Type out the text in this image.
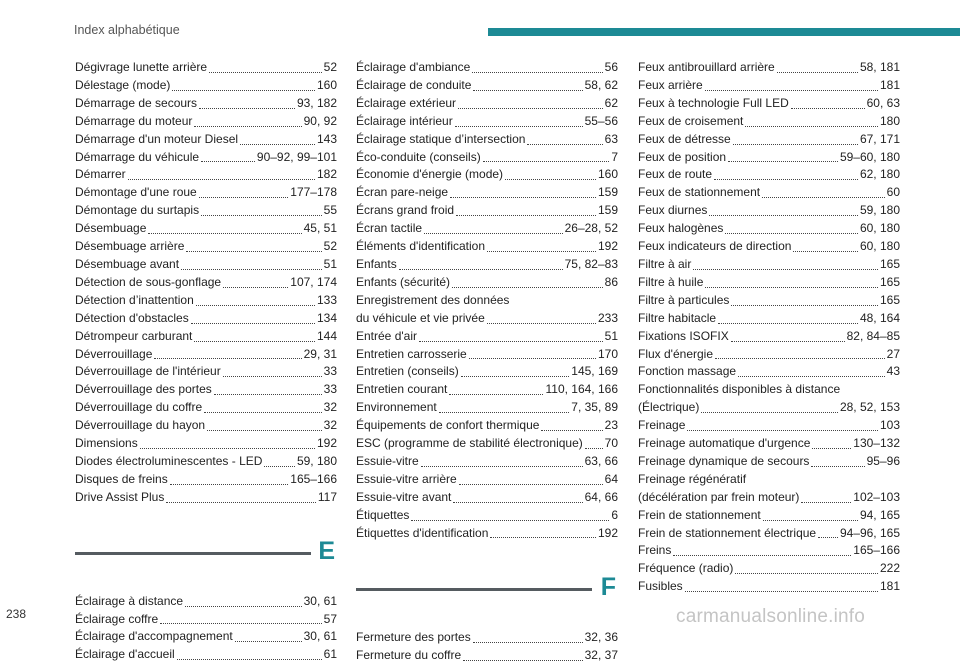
Index alphabétique
Dégivrage lunette arrière	52
Délestage (mode)	160
Démarrage de secours	93, 182
Démarrage du moteur	90, 92
Démarrage d'un moteur Diesel	143
Démarrage du véhicule	90–92, 99–101
Démarrer	182
Démontage d'une roue	177–178
Démontage du surtapis	55
Désembuage	45, 51
Désembuage arrière	52
Désembuage avant	51
Détection de sous-gonflage	107, 174
Détection d’inattention	133
Détection d'obstacles	134
Détrompeur carburant	144
Déverrouillage	29, 31
Déverrouillage de l'intérieur	33
Déverrouillage des portes	33
Déverrouillage du coffre	32
Déverrouillage du hayon	32
Dimensions	192
Diodes électroluminescentes - LED	59, 180
Disques de freins	165–166
Drive Assist Plus	117
E
Éclairage à distance	30, 61
Éclairage coffre	57
Éclairage d'accompagnement	30, 61
Éclairage d'accueil	61
Éclairage d'ambiance	56
Éclairage de conduite	58, 62
Éclairage extérieur	62
Éclairage intérieur	55–56
Éclairage statique d’intersection	63
Éco-conduite (conseils)	7
Économie d'énergie (mode)	160
Écran pare-neige	159
Écrans grand froid	159
Écran tactile	26–28, 52
Éléments d'identification	192
Enfants	75, 82–83
Enfants (sécurité)	86
Enregistrement des données
du véhicule et vie privée	233
Entrée d'air	51
Entretien carrosserie	170
Entretien (conseils)	145, 169
Entretien courant	110, 164, 166
Environnement	7, 35, 89
Équipements de confort thermique	23
ESC (programme de stabilité électronique) 70
Essuie-vitre	63, 66
Essuie-vitre arrière	64
Essuie-vitre avant	64, 66
Étiquettes	6
Étiquettes d'identification	192
F
Fermeture des portes	32, 36
Fermeture du coffre	32, 37
Feux antibrouillard arrière	58, 181
Feux arrière	181
Feux à technologie Full LED	60, 63
Feux de croisement	180
Feux de détresse	67, 171
Feux de position	59–60, 180
Feux de route	62, 180
Feux de stationnement	60
Feux diurnes	59, 180
Feux halogènes	60, 180
Feux indicateurs de direction	60, 180
Filtre à air	165
Filtre à huile	165
Filtre à particules	165
Filtre habitacle	48, 164
Fixations ISOFIX	82, 84–85
Flux d'énergie	27
Fonction massage	43
Fonctionnalités disponibles à distance
(Électrique)	28, 52, 153
Freinage	103
Freinage automatique d'urgence	130–132
Freinage dynamique de secours	95–96
Freinage régénératif
(décélération par frein moteur)	102–103
Frein de stationnement	94, 165
Frein de stationnement électrique 94–96, 165
Freins	165–166
Fréquence (radio)	222
Fusibles	181
238	carmanualsonline.info
